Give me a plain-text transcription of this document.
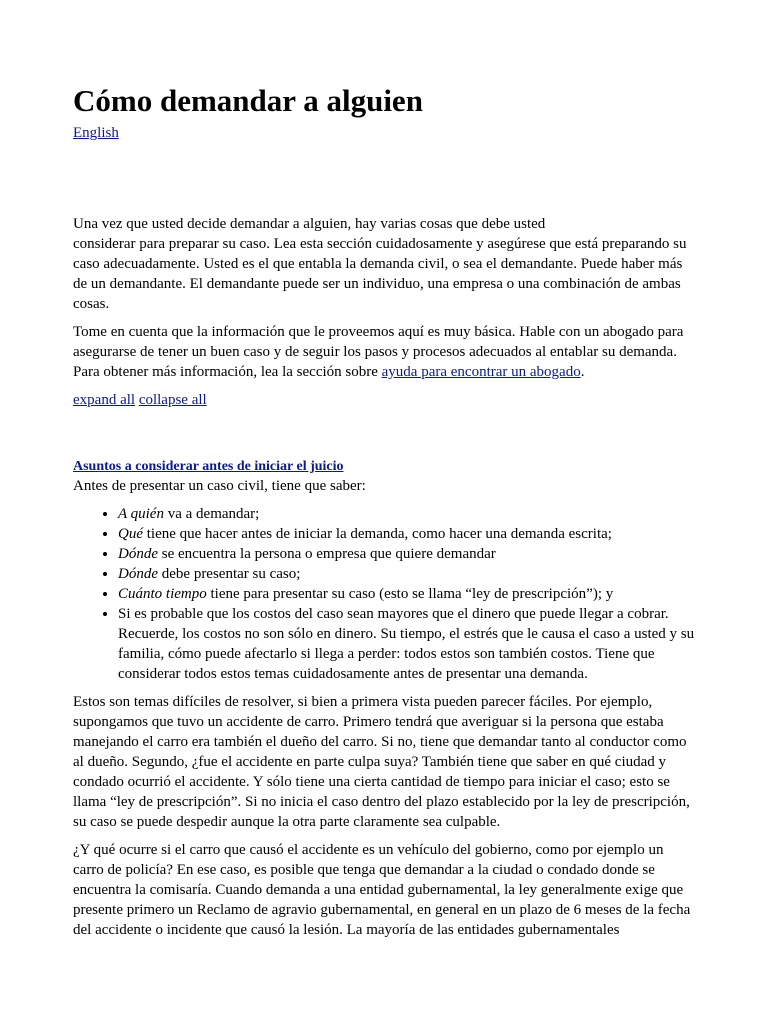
Cómo demandar a alguien
English

Una vez que usted decide demandar a alguien, hay varias cosas que debe usted
considerar para preparar su caso. Lea esta sección cuidadosamente y asegúrese que está preparando su caso adecuadamente. Usted es el que entabla la demanda civil, o sea el demandante. Puede haber más de un demandante. El demandante puede ser un individuo, una empresa o una combinación de ambas cosas.

Tome en cuenta que la información que le proveemos aquí es muy básica. Hable con un abogado para asegurarse de tener un buen caso y de seguir los pasos y procesos adecuados al entablar su demanda. Para obtener más información, lea la sección sobre ayuda para encontrar un abogado.

expand all collapse all
Asuntos a considerar antes de iniciar el juicio

Antes de presentar un caso civil, tiene que saber:

• A quién va a demandar;
• Qué tiene que hacer antes de iniciar la demanda, como hacer una demanda escrita;
• Dónde se encuentra la persona o empresa que quiere demandar
• Dónde debe presentar su caso;
• Cuánto tiempo tiene para presentar su caso (esto se llama “ley de prescripción”); y
• Si es probable que los costos del caso sean mayores que el dinero que puede llegar a cobrar. Recuerde, los costos no son sólo en dinero. Su tiempo, el estrés que le causa el caso a usted y su familia, cómo puede afectarlo si llega a perder: todos estos son también costos. Tiene que considerar todos estos temas cuidadosamente antes de presentar una demanda.

Estos son temas difíciles de resolver, si bien a primera vista pueden parecer fáciles. Por ejemplo, supongamos que tuvo un accidente de carro. Primero tendrá que averiguar si la persona que estaba manejando el carro era también el dueño del carro. Si no, tiene que demandar tanto al conductor como al dueño. Segundo, ¿fue el accidente en parte culpa suya? También tiene que saber en qué ciudad y condado ocurrió el accidente. Y sólo tiene una cierta cantidad de tiempo para iniciar el caso; esto se llama “ley de prescripción”. Si no inicia el caso dentro del plazo establecido por la ley de prescripción, su caso se puede despedir aunque la otra parte claramente sea culpable.

¿Y qué ocurre si el carro que causó el accidente es un vehículo del gobierno, como por ejemplo un carro de policía? En ese caso, es posible que tenga que demandar a la ciudad o condado donde se encuentra la comisaría. Cuando demanda a una entidad gubernamental, la ley generalmente exige que presente primero un Reclamo de agravio gubernamental, en general en un plazo de 6 meses de la fecha del accidente o incidente que causó la lesión. La mayoría de las entidades gubernamentales
